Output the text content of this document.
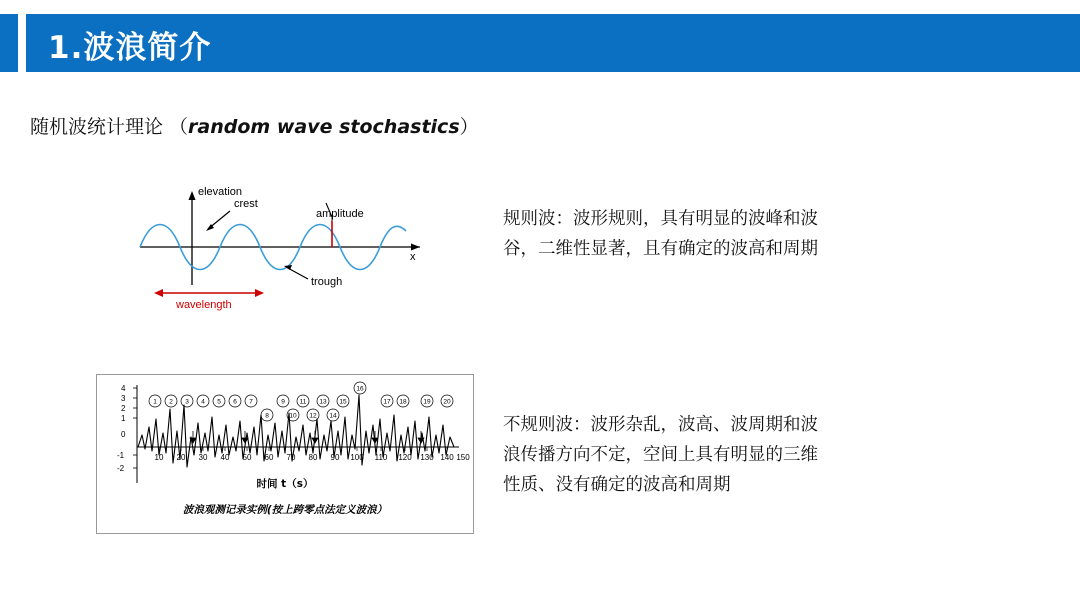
1.波浪简介
随机波统计理论 （random wave stochastics）
elevation
crest
amplitude
trough
wavelength
x
4
3
2
1
0
-1
-2
10 20 30 40 50 60 70 80 90 100 110 120 130 140 150
1 2 3 4 5 6 7	9 11 13 15	17 18	19 20
8	10 12 14
16
时间 t（s）
波浪观测记录实例(按上跨零点法定义波浪）
规则波：波形规则，具有明显的波峰和波谷，二维性显著，且有确定的波高和周期
不规则波：波形杂乱，波高、波周期和波浪传播方向不定，空间上具有明显的三维性质、没有确定的波高和周期
